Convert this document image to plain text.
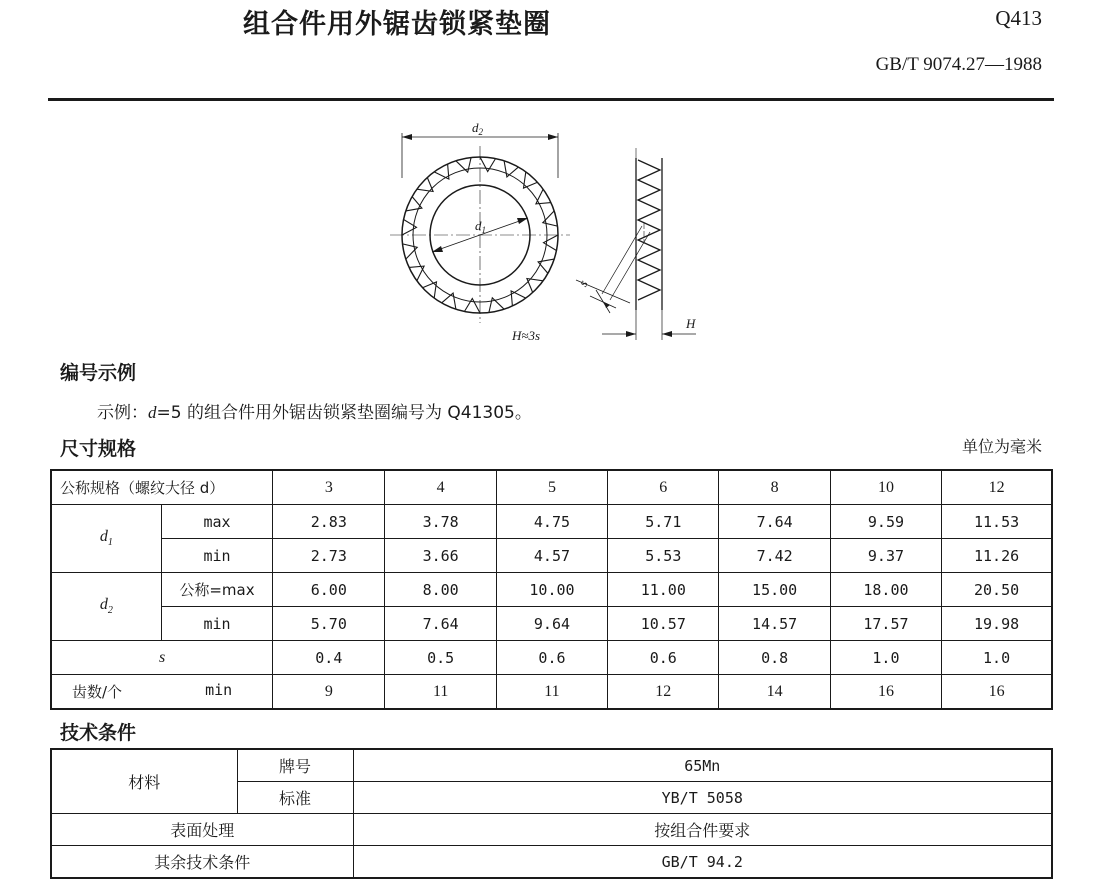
组合件用外锯齿锁紧垫圈	Q413
GB/T 9074.27—1988
$d_2$
$d_1$
s
H
H≈3s
编号示例
示例：d=5 的组合件用外锯齿锁紧垫圈编号为 Q41305。
尺寸规格	单位为毫米
公称规格（螺纹大径 d）		3	4	5	6	8	10	12
$d_1$	max	2.83	3.78	4.75	5.71	7.64	9.59	11.53
	min	2.73	3.66	4.57	5.53	7.42	9.37	11.26
$d_2$	公称=max	6.00	8.00	10.00	11.00	15.00	18.00	20.50
	min	5.70	7.64	9.64	10.57	14.57	17.57	19.98
s		0.4	0.5	0.6	0.6	0.8	1.0	1.0

齿数/个 min		9	11	11	12	14	16	16
技术条件
材料	牌号	65Mn
	标准	YB/T 5058
表面处理		按组合件要求
其余技术条件		GB/T 94.2
